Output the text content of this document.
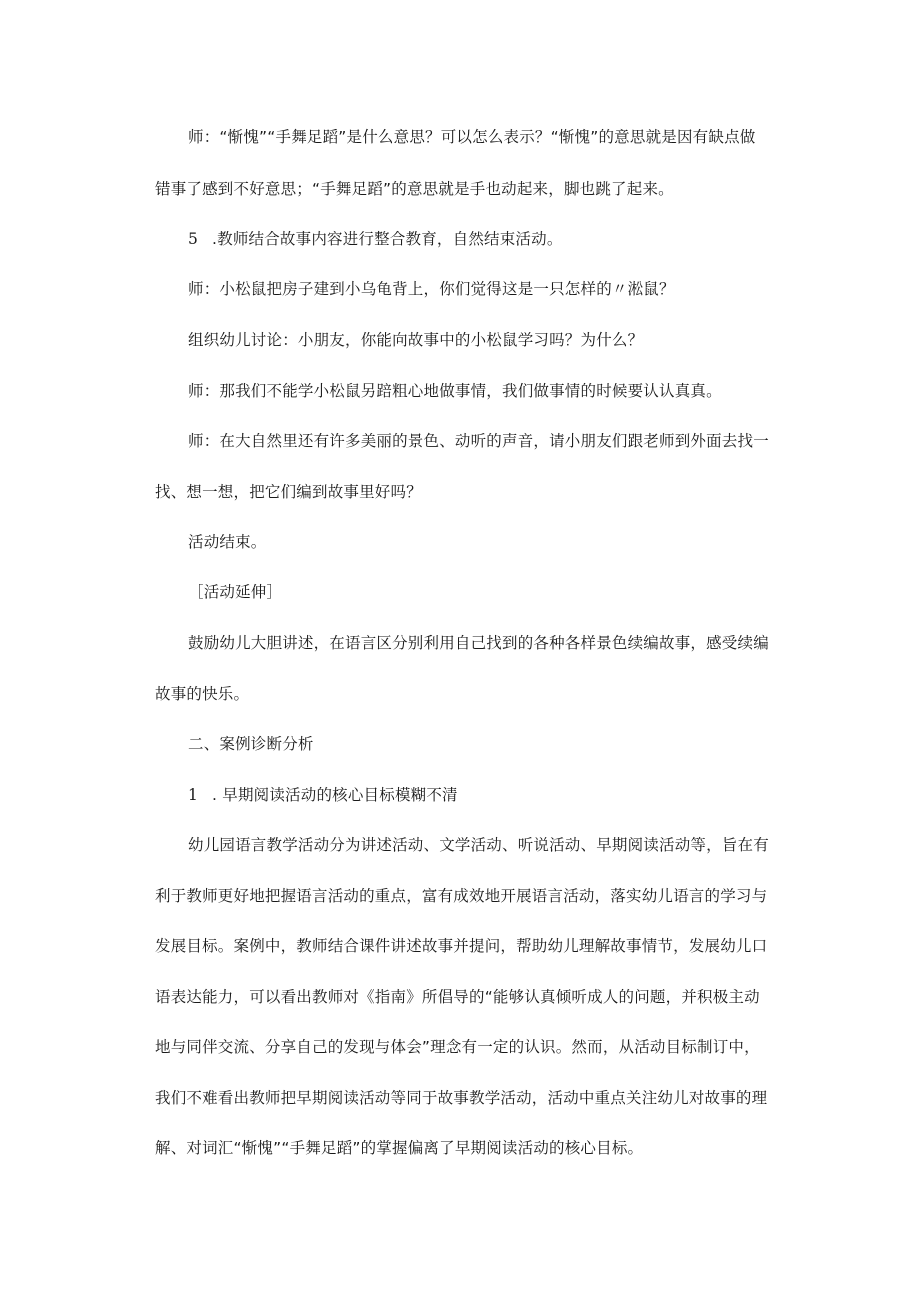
师：“惭愧”“手舞足蹈”是什么意思？可以怎么表示？“惭愧”的意思就是因有缺点做
错事了感到不好意思；“手舞足蹈”的意思就是手也动起来，脚也跳了起来。
5 .教师结合故事内容进行整合教育，自然结束活动。
师：小松鼠把房子建到小乌龟背上，你们觉得这是一只怎样的〃淞鼠？
组织幼儿讨论：小朋友，你能向故事中的小松鼠学习吗？为什么？
师：那我们不能学小松鼠另踣粗心地做事情，我们做事情的时候要认认真真。
师：在大自然里还有许多美丽的景色、动听的声音，请小朋友们跟老师到外面去找一
找、想一想，把它们编到故事里好吗？
活动结束。
［活动延伸］
鼓励幼儿大胆讲述，在语言区分别利用自己找到的各种各样景色续编故事，感受续编
故事的快乐。
二、案例诊断分析
1 . 早期阅读活动的核心目标模糊不清
幼儿园语言教学活动分为讲述活动、文学活动、听说活动、早期阅读活动等，旨在有
利于教师更好地把握语言活动的重点，富有成效地开展语言活动，落实幼儿语言的学习与
发展目标。案例中，教师结合课件讲述故事并提问，帮助幼儿理解故事情节，发展幼儿口
语表达能力，可以看出教师对《指南》所倡导的“能够认真倾听成人的问题，并积极主动
地与同伴交流、分享自己的发现与体会”理念有一定的认识。然而，从活动目标制订中，
我们不难看出教师把早期阅读活动等同于故事教学活动，活动中重点关注幼儿对故事的理
解、对词汇“惭愧”“手舞足蹈”的掌握偏离了早期阅读活动的核心目标。
